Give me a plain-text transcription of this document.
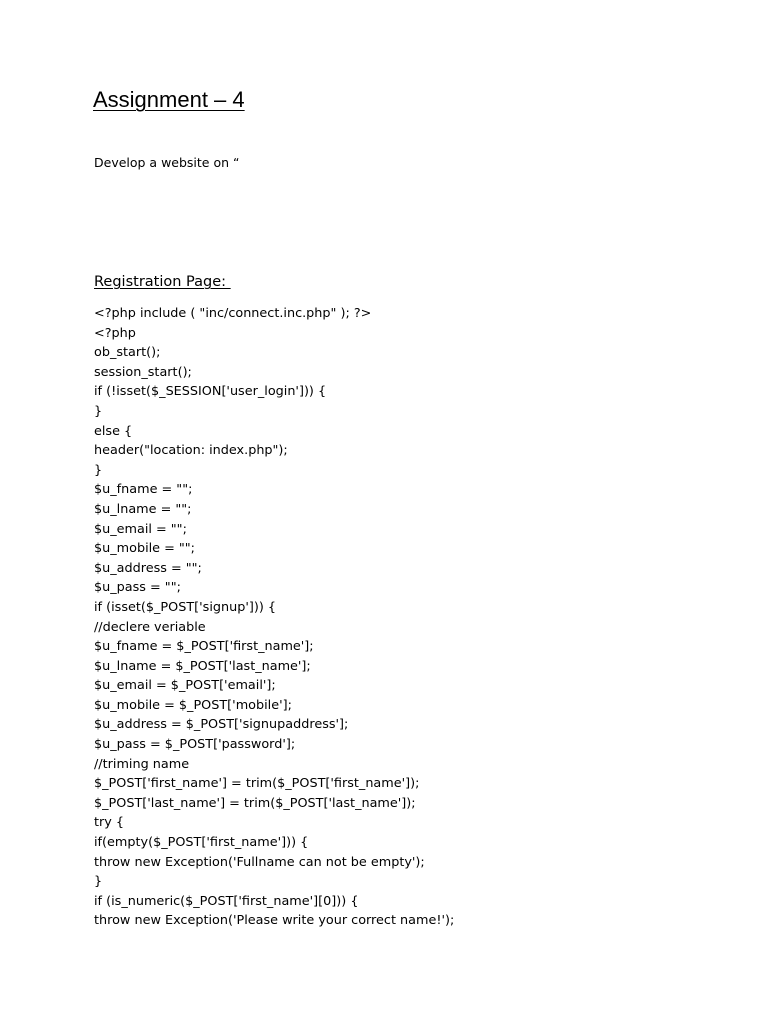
Assignment – 4

Develop a website on “

Registration Page:
<?php include ( "inc/connect.inc.php" ); ?>
<?php
ob_start();
session_start();
if (!isset($_SESSION['user_login'])) {
}
else {
header("location: index.php");
}
$u_fname = "";
$u_lname = "";
$u_email = "";
$u_mobile = "";
$u_address = "";
$u_pass = "";
if (isset($_POST['signup'])) {
//declere veriable
$u_fname = $_POST['first_name'];
$u_lname = $_POST['last_name'];
$u_email = $_POST['email'];
$u_mobile = $_POST['mobile'];
$u_address = $_POST['signupaddress'];
$u_pass = $_POST['password'];
//triming name
$_POST['first_name'] = trim($_POST['first_name']);
$_POST['last_name'] = trim($_POST['last_name']);
try {
if(empty($_POST['first_name'])) {
throw new Exception('Fullname can not be empty');
}
if (is_numeric($_POST['first_name'][0])) {
throw new Exception('Please write your correct name!');
